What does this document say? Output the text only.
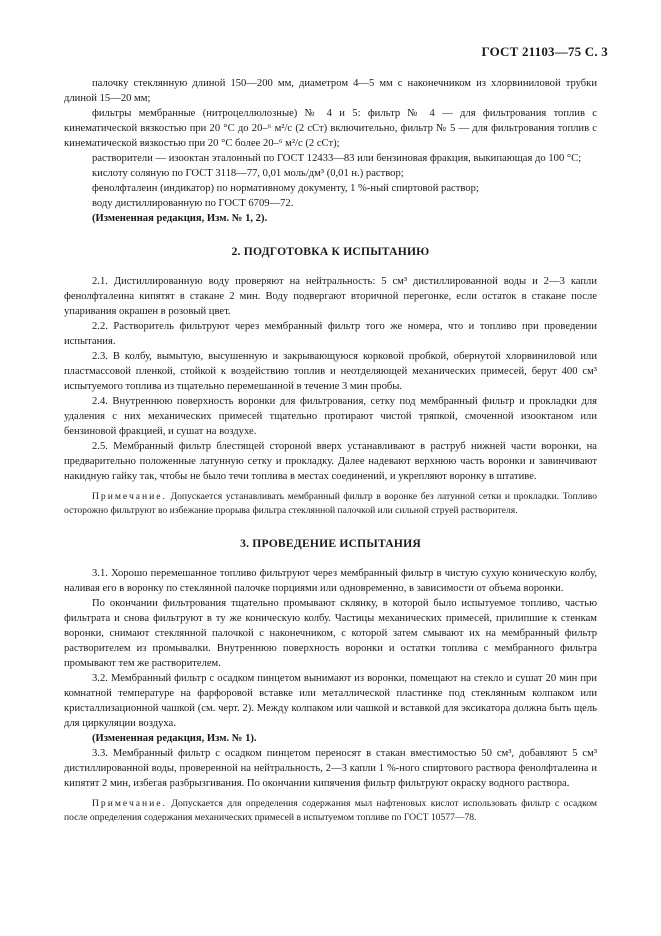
ГОСТ 21103—75 С. 3

палочку стеклянную длиной 150—200 мм, диаметром 4—5 мм с наконечником из хлорвиниловой трубки длиной 15—20 мм;

фильтры мембранные (нитроцеллюлозные) № 4 и 5: фильтр № 4 — для фильтрования топлив с кинематической вязкостью при 20 °С до 20–⁶ м²/с (2 сСт) включительно, фильтр № 5 — для фильтрования топлив с кинематической вязкостью при 20 °С более 20–⁶ м²/с (2 сСт);

растворители — изооктан эталонный по ГОСТ 12433—83 или бензиновая фракция, выкипающая до 100 °С;

кислоту соляную по ГОСТ 3118—77, 0,01 моль/дм³ (0,01 н.) раствор;

фенолфталеин (индикатор) по нормативному документу, 1 %-ный спиртовой раствор;

воду дистиллированную по ГОСТ 6709—72.

(Измененная редакция, Изм. № 1, 2).

2. ПОДГОТОВКА К ИСПЫТАНИЮ

2.1. Дистиллированную воду проверяют на нейтральность: 5 см³ дистиллированной воды и 2—3 капли фенолфталеина кипятят в стакане 2 мин. Воду подвергают вторичной перегонке, если остаток в стакане после упаривания окрашен в розовый цвет.

2.2. Растворитель фильтруют через мембранный фильтр того же номера, что и топливо при проведении испытания.

2.3. В колбу, вымытую, высушенную и закрывающуюся корковой пробкой, обернутой хлорвиниловой или пластмассовой пленкой, стойкой к воздействию топлив и неотделяющей механических примесей, берут 400 см³ испытуемого топлива из тщательно перемешанной в течение 3 мин пробы.

2.4. Внутреннюю поверхность воронки для фильтрования, сетку под мембранный фильтр и прокладки для удаления с них механических примесей тщательно протирают чистой тряпкой, смоченной изооктаном или бензиновой фракцией, и сушат на воздухе.

2.5. Мембранный фильтр блестящей стороной вверх устанавливают в раструб нижней части воронки, на предварительно положенные латунную сетку и прокладку. Далее надевают верхнюю часть воронки и завинчивают накидную гайку так, чтобы не было течи топлива в местах соединений, и укрепляют воронку в штативе.

Примечание. Допускается устанавливать мембранный фильтр в воронке без латунной сетки и прокладки. Топливо осторожно фильтруют во избежание прорыва фильтра стеклянной палочкой или сильной струей растворителя.

3. ПРОВЕДЕНИЕ ИСПЫТАНИЯ

3.1. Хорошо перемешанное топливо фильтруют через мембранный фильтр в чистую сухую коническую колбу, наливая его в воронку по стеклянной палочке порциями или одновременно, в зависимости от объема воронки.

По окончании фильтрования тщательно промывают склянку, в которой было испытуемое топливо, частью фильтрата и снова фильтруют в ту же коническую колбу. Частицы механических примесей, прилипшие к стенкам воронки, снимают стеклянной палочкой с наконечником, с которой затем смывают их на мембранный фильтр растворителем из промывалки. Внутреннюю поверхность воронки и остатки топлива с мембранного фильтра промывают тем же растворителем.

3.2. Мембранный фильтр с осадком пинцетом вынимают из воронки, помещают на стекло и сушат 20 мин при комнатной температуре на фарфоровой вставке или металлической пластинке под стеклянным колпаком или кристаллизационной чашкой (см. черт. 2). Между колпаком или чашкой и вставкой для эксикатора должна быть щель для циркуляции воздуха.

(Измененная редакция, Изм. № 1).

3.3. Мембранный фильтр с осадком пинцетом переносят в стакан вместимостью 50 см³, добавляют 5 см³ дистиллированной воды, проверенной на нейтральность, 2—3 капли 1 %-ного спиртового раствора фенолфталеина и кипятят 2 мин, избегая разбрызгивания. По окончании кипячения фильтр фильтруют окраску водного раствора.

Примечание. Допускается для определения содержания мыл нафтеновых кислот использовать фильтр с осадком после определения содержания механических примесей в испытуемом топливе по ГОСТ 10577—78.
